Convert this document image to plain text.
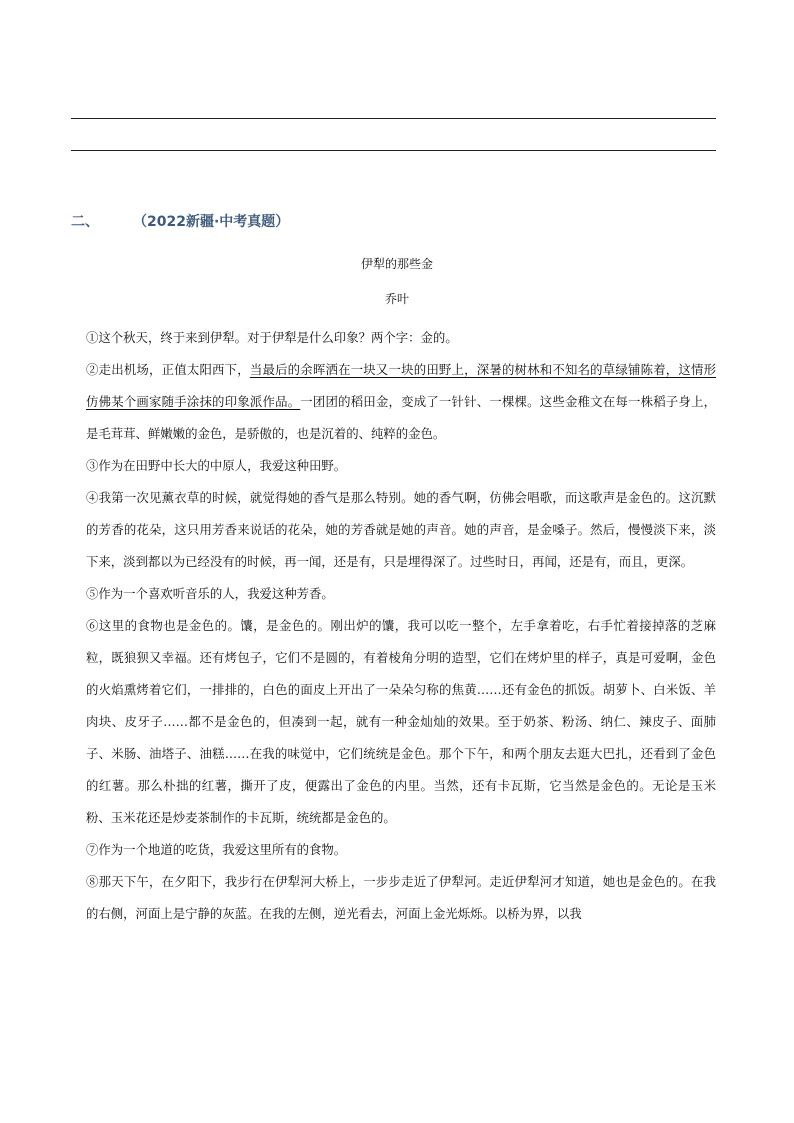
二、 （2022新疆·中考真题）
伊犁的那些金
乔叶

①这个秋天，终于来到伊犁。对于伊犁是什么印象？两个字：金的。

②走出机场，正值太阳西下，当最后的余晖洒在一块又一块的田野上，深暑的树林和不知名的草绿铺陈着，这情形仿佛某个画家随手涂抹的印象派作品。一团团的稻田金，变成了一针针、一棵棵。这些金稚文在每一株稻子身上，是毛茸茸、鲜嫩嫩的金色，是骄傲的，也是沉着的、纯粹的金色。

③作为在田野中长大的中原人，我爱这种田野。

④我第一次见薰衣草的时候，就觉得她的香气是那么特别。她的香气啊，仿佛会唱歌，而这歌声是金色的。这沉默的芳香的花朵，这只用芳香来说话的花朵，她的芳香就是她的声音。她的声音，是金嗓子。然后，慢慢淡下来，淡下来，淡到都以为已经没有的时候，再一闻，还是有，只是埋得深了。过些时日，再闻，还是有，而且，更深。

⑤作为一个喜欢听音乐的人，我爱这种芳香。

⑥这里的食物也是金色的。馕，是金色的。刚出炉的馕，我可以吃一整个，左手拿着吃，右手忙着接掉落的芝麻粒，既狼狈又幸福。还有烤包子，它们不是圆的，有着棱角分明的造型，它们在烤炉里的样子，真是可爱啊，金色的火焰熏烤着它们，一排排的，白色的面皮上开出了一朵朵匀称的焦黄……还有金色的抓饭。胡萝卜、白米饭、羊肉块、皮牙子……都不是金色的，但凑到一起，就有一种金灿灿的效果。至于奶茶、粉汤、纳仁、辣皮子、面肺子、米肠、油塔子、油糕……在我的味觉中，它们统统是金色。那个下午，和两个朋友去逛大巴扎，还看到了金色的红薯。那么朴拙的红薯，撕开了皮，便露出了金色的内里。当然，还有卡瓦斯，它当然是金色的。无论是玉米粉、玉米花还是炒麦茶制作的卡瓦斯，统统都是金色的。

⑦作为一个地道的吃货，我爱这里所有的食物。

⑧那天下午，在夕阳下，我步行在伊犁河大桥上，一步步走近了伊犁河。走近伊犁河才知道，她也是金色的。在我的右侧，河面上是宁静的灰蓝。在我的左侧，逆光看去，河面上金光烁烁。以桥为界，以我
